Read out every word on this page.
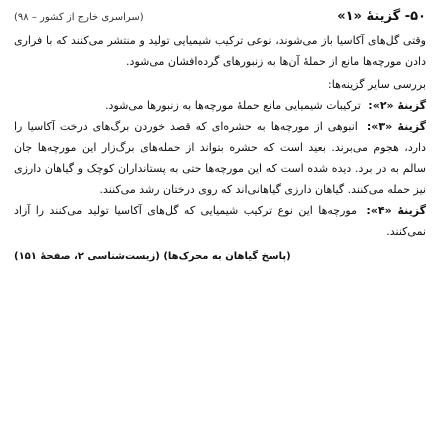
۵۰- گزینهٔ «۱»
(سراسری خارج از کشور – ۹۸)

وقتی گل‌های آکاسیا باز می‌شوند، نوعی ترکیب شیمیایی تولید و منتشر می‌کنند که با فراری دادن مورچه‌ها مانع از حملهٔ آن‌ها به زنبورهای گرده‌افشان می‌شود.

بررسی سایر گزینه‌ها:

گزینهٔ «۲»: ترکیبات شیمیایی مانع حملهٔ مورچه‌ها به زنبورها می‌شود.

گزینهٔ «۳»: انبوهی از مورچه‌ها به حشره‌ای که قصد خوردن برگ‌های درخت آکاسیا را دارد، هجوم می‌برند. بعید است که حشره بتواند از حمله‌های برگ‌زار این مورچه‌ها جان سالم به در برد. دیده شده است که این مورچه‌ها حتی به پستانداران کوچک و گیاهان دارزی نیز حمله می‌کنند. گیاهان دارزی گیاهانی‌اند که روی درختان رشد می‌کنند.

گزینهٔ «۴»: مورچه‌ها این نوع ترکیب شیمیایی که گل‌های آکاسیا تولید می‌کنند را آزاد نمی‌کنند.

(پاسخ گیاهان به محرک‌ها) (زیست‌شناسی ۲، صفحهٔ ۱۵۱)
